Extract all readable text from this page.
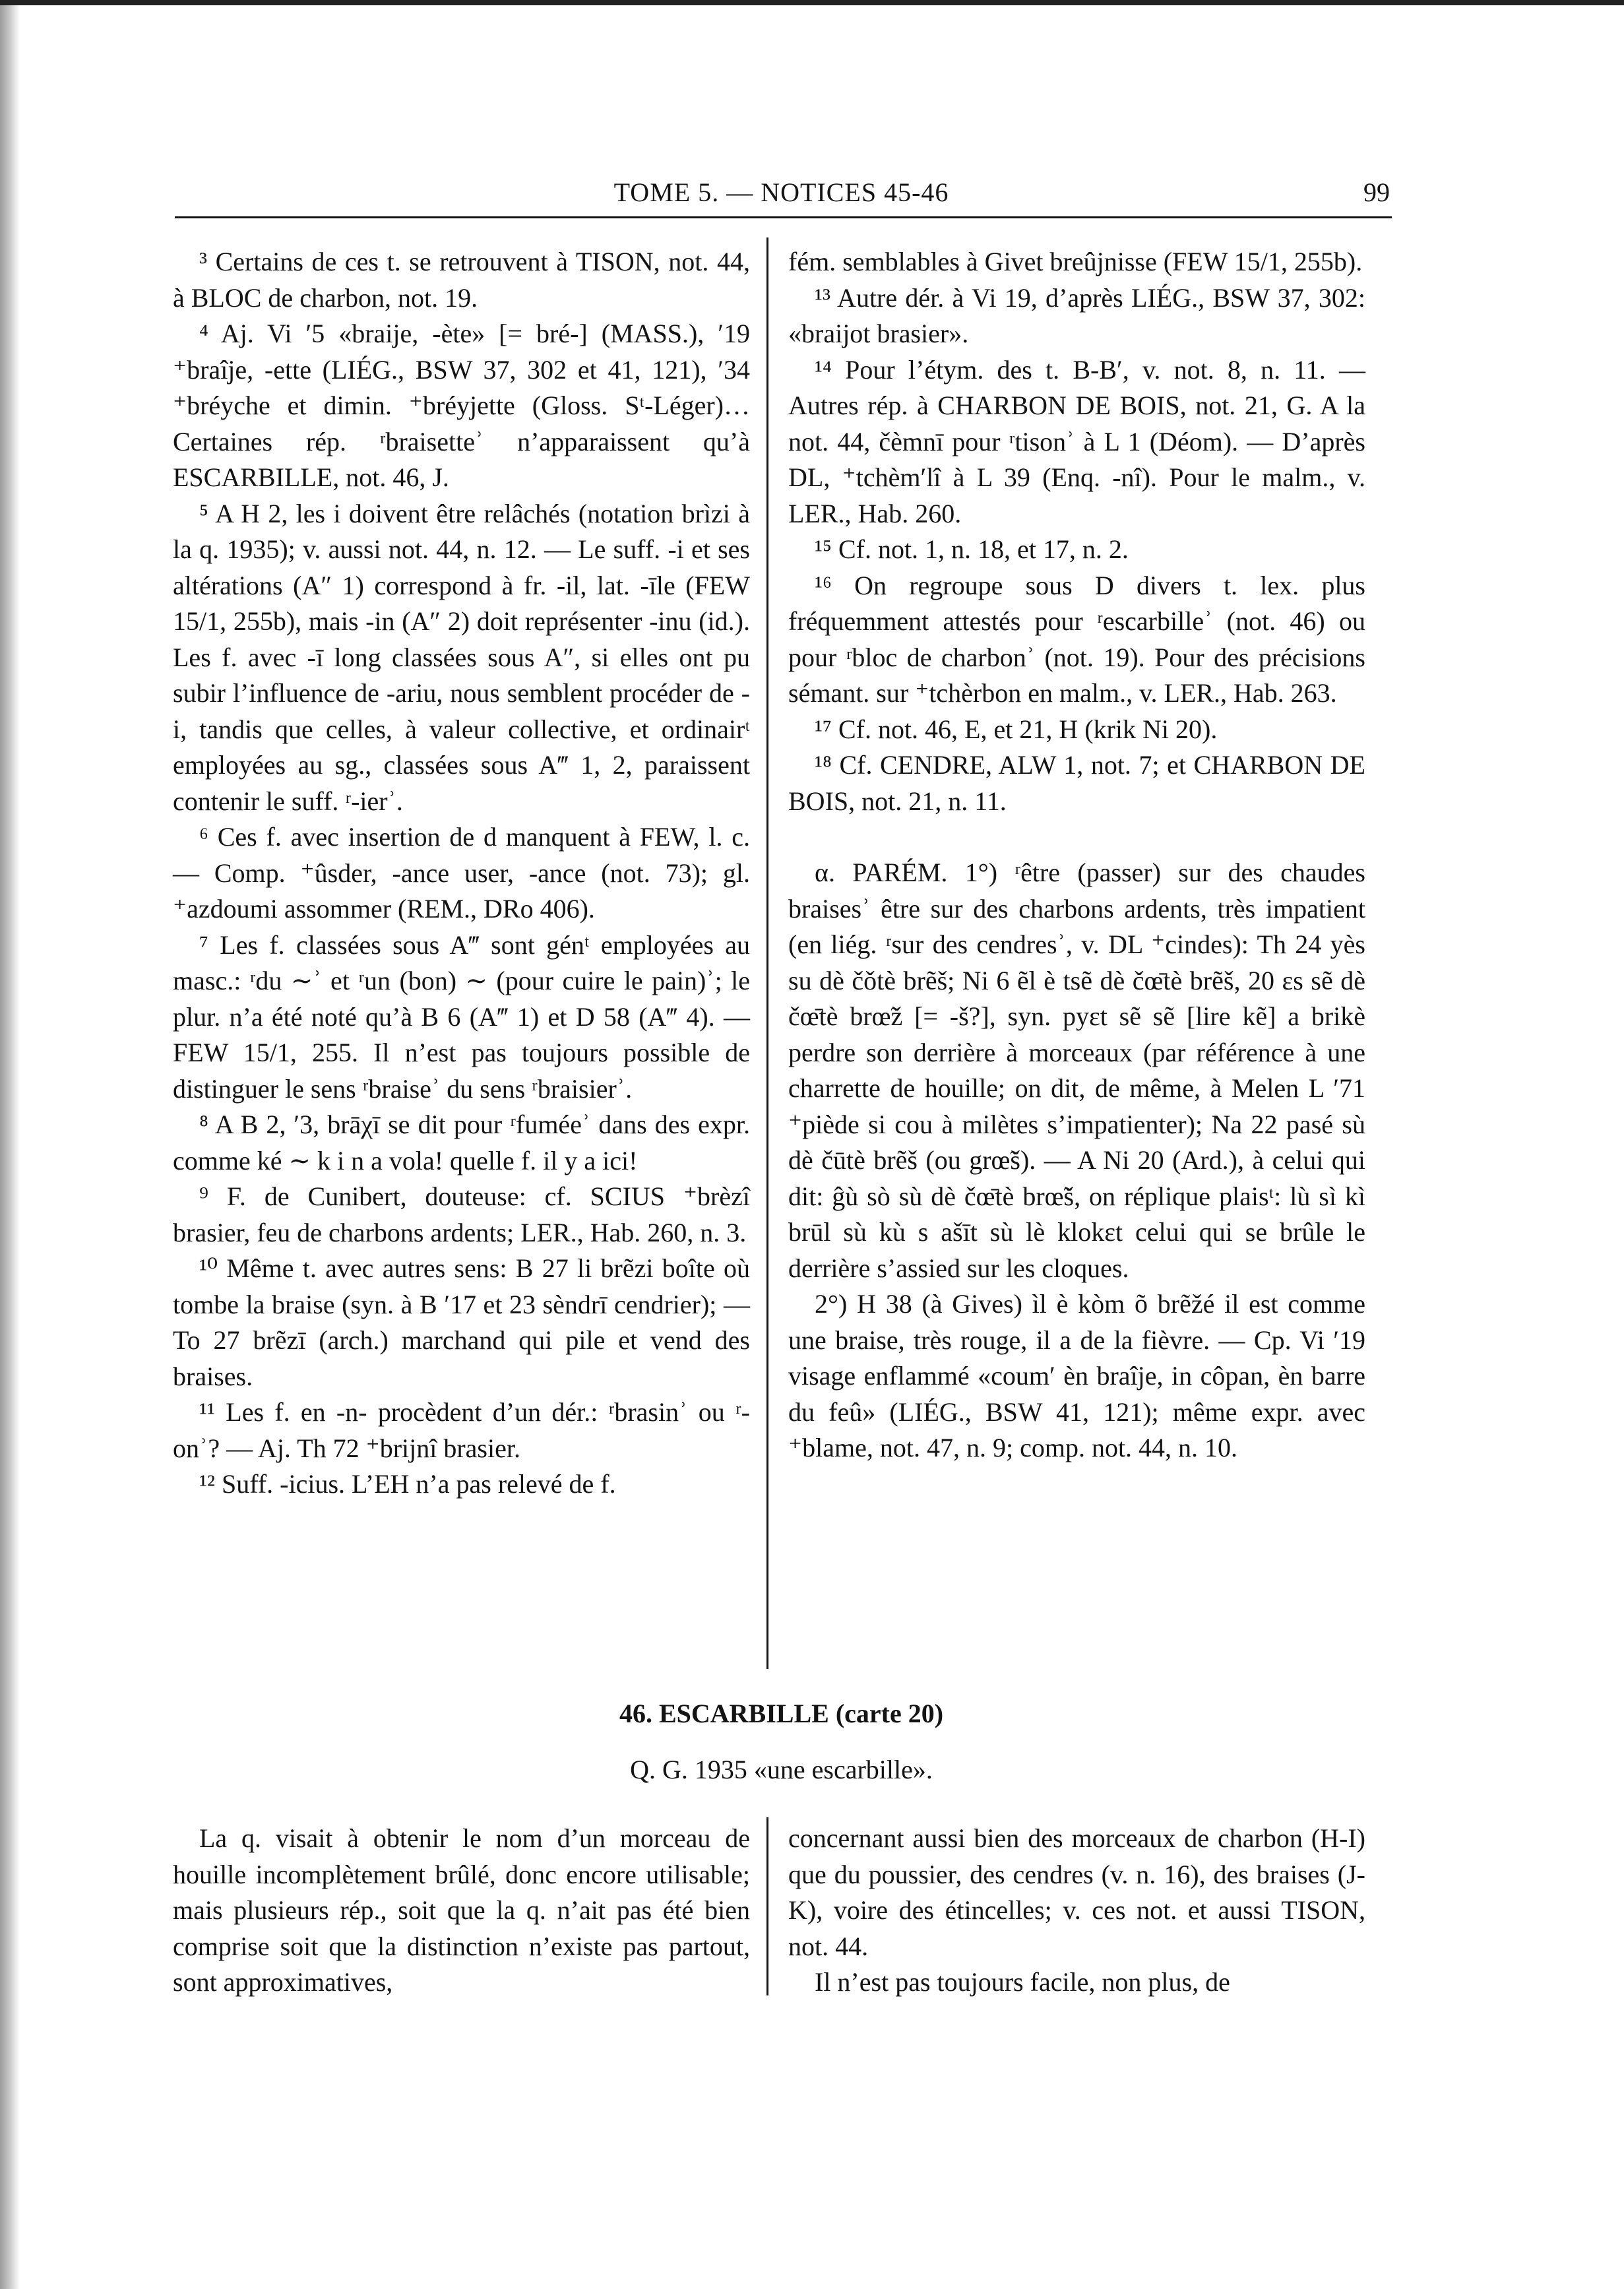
TOME 5. — NOTICES 45-46	99

³ Certains de ces t. se retrouvent à TISON, not. 44, à BLOC de charbon, not. 19.

⁴ Aj. Vi ′5 «braije, -ète» [= bré-] (MASS.), ′19 ⁺braîje, -ette (LIÉG., BSW 37, 302 et 41, 121), ′34 ⁺bréyche et dimin. ⁺bréyjette (Gloss. Sᵗ-Léger)… Certaines rép. ʳbraisetteʾ n’apparaissent qu’à ESCARBILLE, not. 46, J.

⁵ A H 2, les i doivent être relâchés (notation brìzi à la q. 1935); v. aussi not. 44, n. 12. — Le suff. -i et ses altérations (A″ 1) correspond à fr. -il, lat. -īle (FEW 15/1, 255b), mais -in (A″ 2) doit représenter -inu (id.). Les f. avec -ī long classées sous A″, si elles ont pu subir l’influence de -ariu, nous semblent procéder de -i, tandis que celles, à valeur collective, et ordinairᵗ employées au sg., classées sous A‴ 1, 2, paraissent contenir le suff. ʳ-ierʾ.

⁶ Ces f. avec insertion de d manquent à FEW, l. c. — Comp. ⁺ûsder, -ance user, -ance (not. 73); gl. ⁺azdoumi assommer (REM., DRo 406).

⁷ Les f. classées sous A‴ sont génᵗ employées au masc.: ʳdu ∼ʾ et ʳun (bon) ∼ (pour cuire le pain)ʾ; le plur. n’a été noté qu’à B 6 (A‴ 1) et D 58 (A‴ 4). — FEW 15/1, 255. Il n’est pas toujours possible de distinguer le sens ʳbraiseʾ du sens ʳbraisierʾ.

⁸ A B 2, ′3, brāχī se dit pour ʳfuméeʾ dans des expr. comme ké ∼ k i n a vola! quelle f. il y a ici!

⁹ F. de Cunibert, douteuse: cf. SCIUS ⁺brèzî brasier, feu de charbons ardents; LER., Hab. 260, n. 3.

¹⁰ Même t. avec autres sens: B 27 li brẽzi boîte où tombe la braise (syn. à B ′17 et 23 sèndrī cendrier); — To 27 brẽzī (arch.) marchand qui pile et vend des braises.

¹¹ Les f. en -n- procèdent d’un dér.: ʳbrasinʾ ou ʳ-onʾ? — Aj. Th 72 ⁺brijnî brasier.

¹² Suff. -icius. L’EH n’a pas relevé de f.

fém. semblables à Givet breûjnisse (FEW 15/1, 255b).

¹³ Autre dér. à Vi 19, d’après LIÉG., BSW 37, 302: «braijot brasier».

¹⁴ Pour l’étym. des t. B-B′, v. not. 8, n. 11. — Autres rép. à CHARBON DE BOIS, not. 21, G. A la not. 44, čèmnī pour ʳtisonʾ à L 1 (Déom). — D’après DL, ⁺tchèm′lî à L 39 (Enq. -nî). Pour le malm., v. LER., Hab. 260.

¹⁵ Cf. not. 1, n. 18, et 17, n. 2.

¹⁶ On regroupe sous D divers t. lex. plus fréquemment attestés pour ʳescarbilleʾ (not. 46) ou pour ʳbloc de charbonʾ (not. 19). Pour des précisions sémant. sur ⁺tchèrbon en malm., v. LER., Hab. 263.

¹⁷ Cf. not. 46, E, et 21, H (krik Ni 20).

¹⁸ Cf. CENDRE, ALW 1, not. 7; et CHARBON DE BOIS, not. 21, n. 11.

α. PARÉM. 1°) ʳêtre (passer) sur des chaudes braisesʾ être sur des charbons ardents, très impatient (en liég. ʳsur des cendresʾ, v. DL ⁺cindes): Th 24 yès su dè čǒtè brẽš; Ni 6 ẽl è tsẽ dè čœ̄tè brẽš, 20 εs sẽ dè čœ̄tè brœ̃ž [= -š?], syn. pyεt sẽ sẽ [lire kẽ] a brikè perdre son derrière à morceaux (par référence à une charrette de houille; on dit, de même, à Melen L ′71 ⁺piède si cou à milètes s’impatienter); Na 22 pasé sù dè čūtè brẽš (ou grœ̃š). — A Ni 20 (Ard.), à celui qui dit: ĝù sò sù dè čœ̄tè brœ̃š, on réplique plaisᵗ: lù sì kì brūl sù kù s ašīt sù lè klokεt celui qui se brûle le derrière s’assied sur les cloques.

2°) H 38 (à Gives) ìl è kòm õ brẽžé il est comme une braise, très rouge, il a de la fièvre. — Cp. Vi ′19 visage enflammé «coum′ èn braîje, in côpan, èn barre du feû» (LIÉG., BSW 41, 121); même expr. avec ⁺blame, not. 47, n. 9; comp. not. 44, n. 10.

46. ESCARBILLE (carte 20)
Q. G. 1935 «une escarbille».

La q. visait à obtenir le nom d’un morceau de houille incomplètement brûlé, donc encore utilisable; mais plusieurs rép., soit que la q. n’ait pas été bien comprise soit que la distinction n’existe pas partout, sont approximatives,

concernant aussi bien des morceaux de charbon (H-I) que du poussier, des cendres (v. n. 16), des braises (J-K), voire des étincelles; v. ces not. et aussi TISON, not. 44.

Il n’est pas toujours facile, non plus, de
